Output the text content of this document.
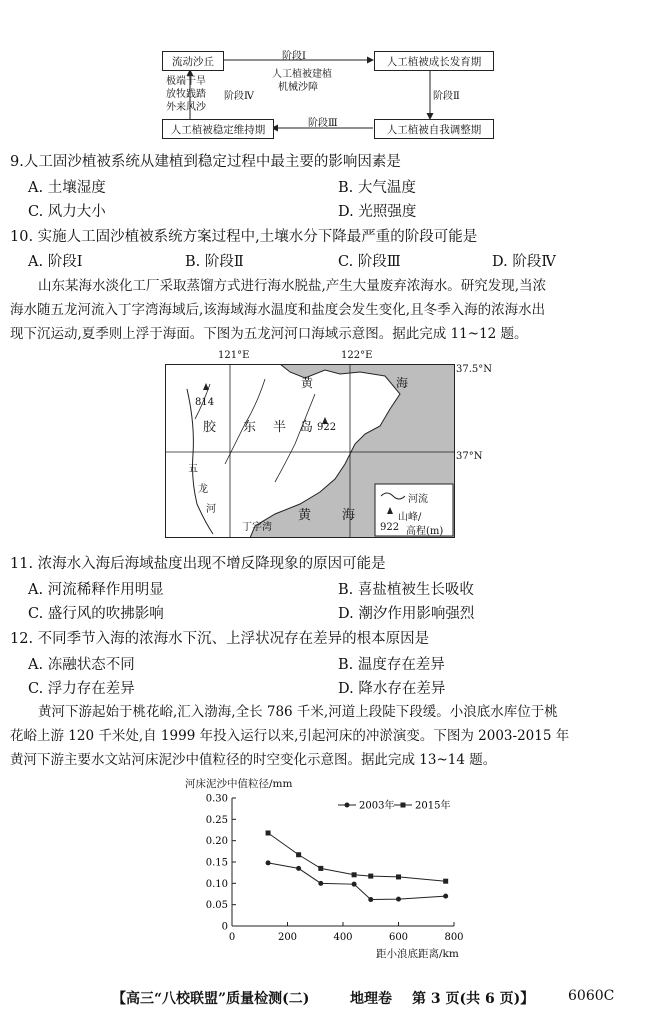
流动沙丘	人工植被成长发育期
人工植被稳定维持期	人工植被自我调整期
阶段Ⅰ
人工植被建植
机械沙障
阶段Ⅱ
阶段Ⅲ
阶段Ⅳ
极端干旱
放牧践踏
外来风沙
9.人工固沙植被系统从建植到稳定过程中最主要的影响因素是
A. 土壤湿度	B. 大气温度
C. 风力大小	D. 光照强度
10. 实施人工固沙植被系统方案过程中,土壤水分下降最严重的阶段可能是
A. 阶段Ⅰ	B. 阶段Ⅱ	C. 阶段Ⅲ	D. 阶段Ⅳ
山东某海水淡化工厂采取蒸馏方式进行海水脱盐,产生大量废弃浓海水。研究发现,当浓
海水随五龙河流入丁字湾海域后,该海域海水温度和盐度会发生变化,且冬季入海的浓海水出
现下沉运动,夏季则上浮于海面。下图为五龙河河口海域示意图。据此完成 11~12 题。
121°E	122°E
37.5°N
37°N
814
922
胶 东 半 岛
黄	海
五
龙
河
丁字湾
黄 海
河流
山峰/
922 高程(m)
11. 浓海水入海后海域盐度出现不增反降现象的原因可能是
A. 河流稀释作用明显	B. 喜盐植被生长吸收
C. 盛行风的吹拂影响	D. 潮汐作用影响强烈
12. 不同季节入海的浓海水下沉、上浮状况存在差异的根本原因是
A. 冻融状态不同	B. 温度存在差异
C. 浮力存在差异	D. 降水存在差异
黄河下游起始于桃花峪,汇入渤海,全长 786 千米,河道上段陡下段缓。小浪底水库位于桃
花峪上游 120 千米处,自 1999 年投入运行以来,引起河床的冲淤演变。下图为 2003-2015 年
黄河下游主要水文站河床泥沙中值粒径的时空变化示意图。据此完成 13~14 题。
河床泥沙中值粒径/mm
0
0.05
0.10
0.15
0.20
0.25
0.30
0	200	400	600	800
2003年 2015年
距小浪底距离/km
【高三“八校联盟”质量检测(二)	地理卷 第 3 页(共 6 页)】 6060C
